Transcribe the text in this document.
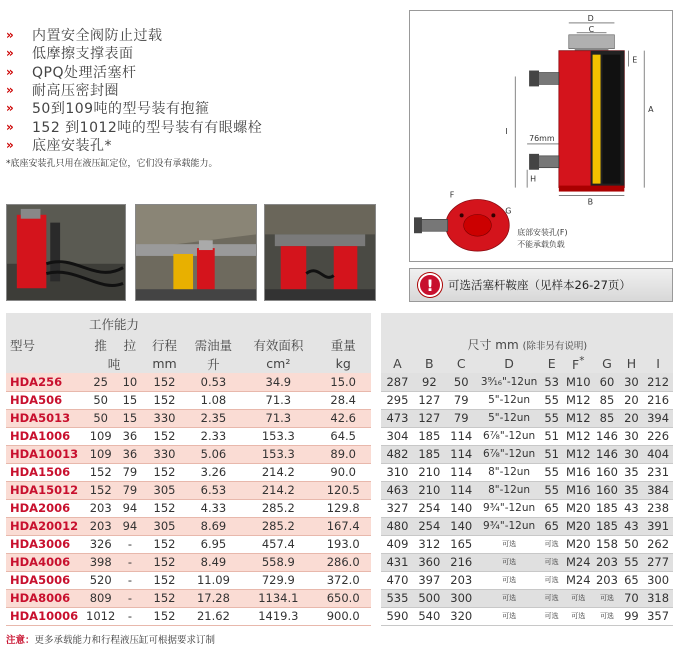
»	内置安全阀防止过载
»	低摩擦支撑表面
»	QPQ处理活塞杆
»	耐高压密封圈
»	50到109吨的型号装有抱箍
»	152 到1012吨的型号装有有眼螺栓
»	底座安装孔*
*底座安装孔只用在液压缸定位，它们没有承载能力。
D
C
A
E
I
76mm
H
B
F
G
底部安装孔(F)
不能承载负载
!	可选活塞杆鞍座（见样本26-27页）
	工作能力															
型号	推	拉	行程	需油量	有效面积	重量		尺寸 mm (除非另有说明)								
	吨		mm	升	cm²	kg		A	B	C	D	E	F*	G	H	I
HDA256	25	10	152	0.53	34.9	15.0		287	92	50	3⁹⁄₁₆"-12un	53	M10	60	30	212
HDA506	50	15	152	1.08	71.3	28.4		295	127	79	5"-12un	55	M12	85	20	216
HDA5013	50	15	330	2.35	71.3	42.6		473	127	79	5"-12un	55	M12	85	20	394
HDA1006	109	36	152	2.33	153.3	64.5		304	185	114	6⁷⁄₈"-12un	51	M12	146	30	226
HDA10013	109	36	330	5.06	153.3	89.0		482	185	114	6⁷⁄₈"-12un	51	M12	146	30	404
HDA1506	152	79	152	3.26	214.2	90.0		310	210	114	8"-12un	55	M16	160	35	231
HDA15012	152	79	305	6.53	214.2	120.5		463	210	114	8"-12un	55	M16	160	35	384
HDA2006	203	94	152	4.33	285.2	129.8		327	254	140	9³⁄₄"-12un	65	M20	185	43	238
HDA20012	203	94	305	8.69	285.2	167.4		480	254	140	9³⁄₄"-12un	65	M20	185	43	391
HDA3006	326	-	152	6.95	457.4	193.0		409	312	165	可选	可选	M20	158	50	262
HDA4006	398	-	152	8.49	558.9	286.0		431	360	216	可选	可选	M24	203	55	277
HDA5006	520	-	152	11.09	729.9	372.0		470	397	203	可选	可选	M24	203	65	300
HDA8006	809	-	152	17.28	1134.1	650.0		535	500	300	可选	可选	可选	可选	70	318
HDA10006	1012	-	152	21.62	1419.3	900.0		590	540	320	可选	可选	可选	可选	99	357
注意：更多承载能力和行程液压缸可根据要求订制
